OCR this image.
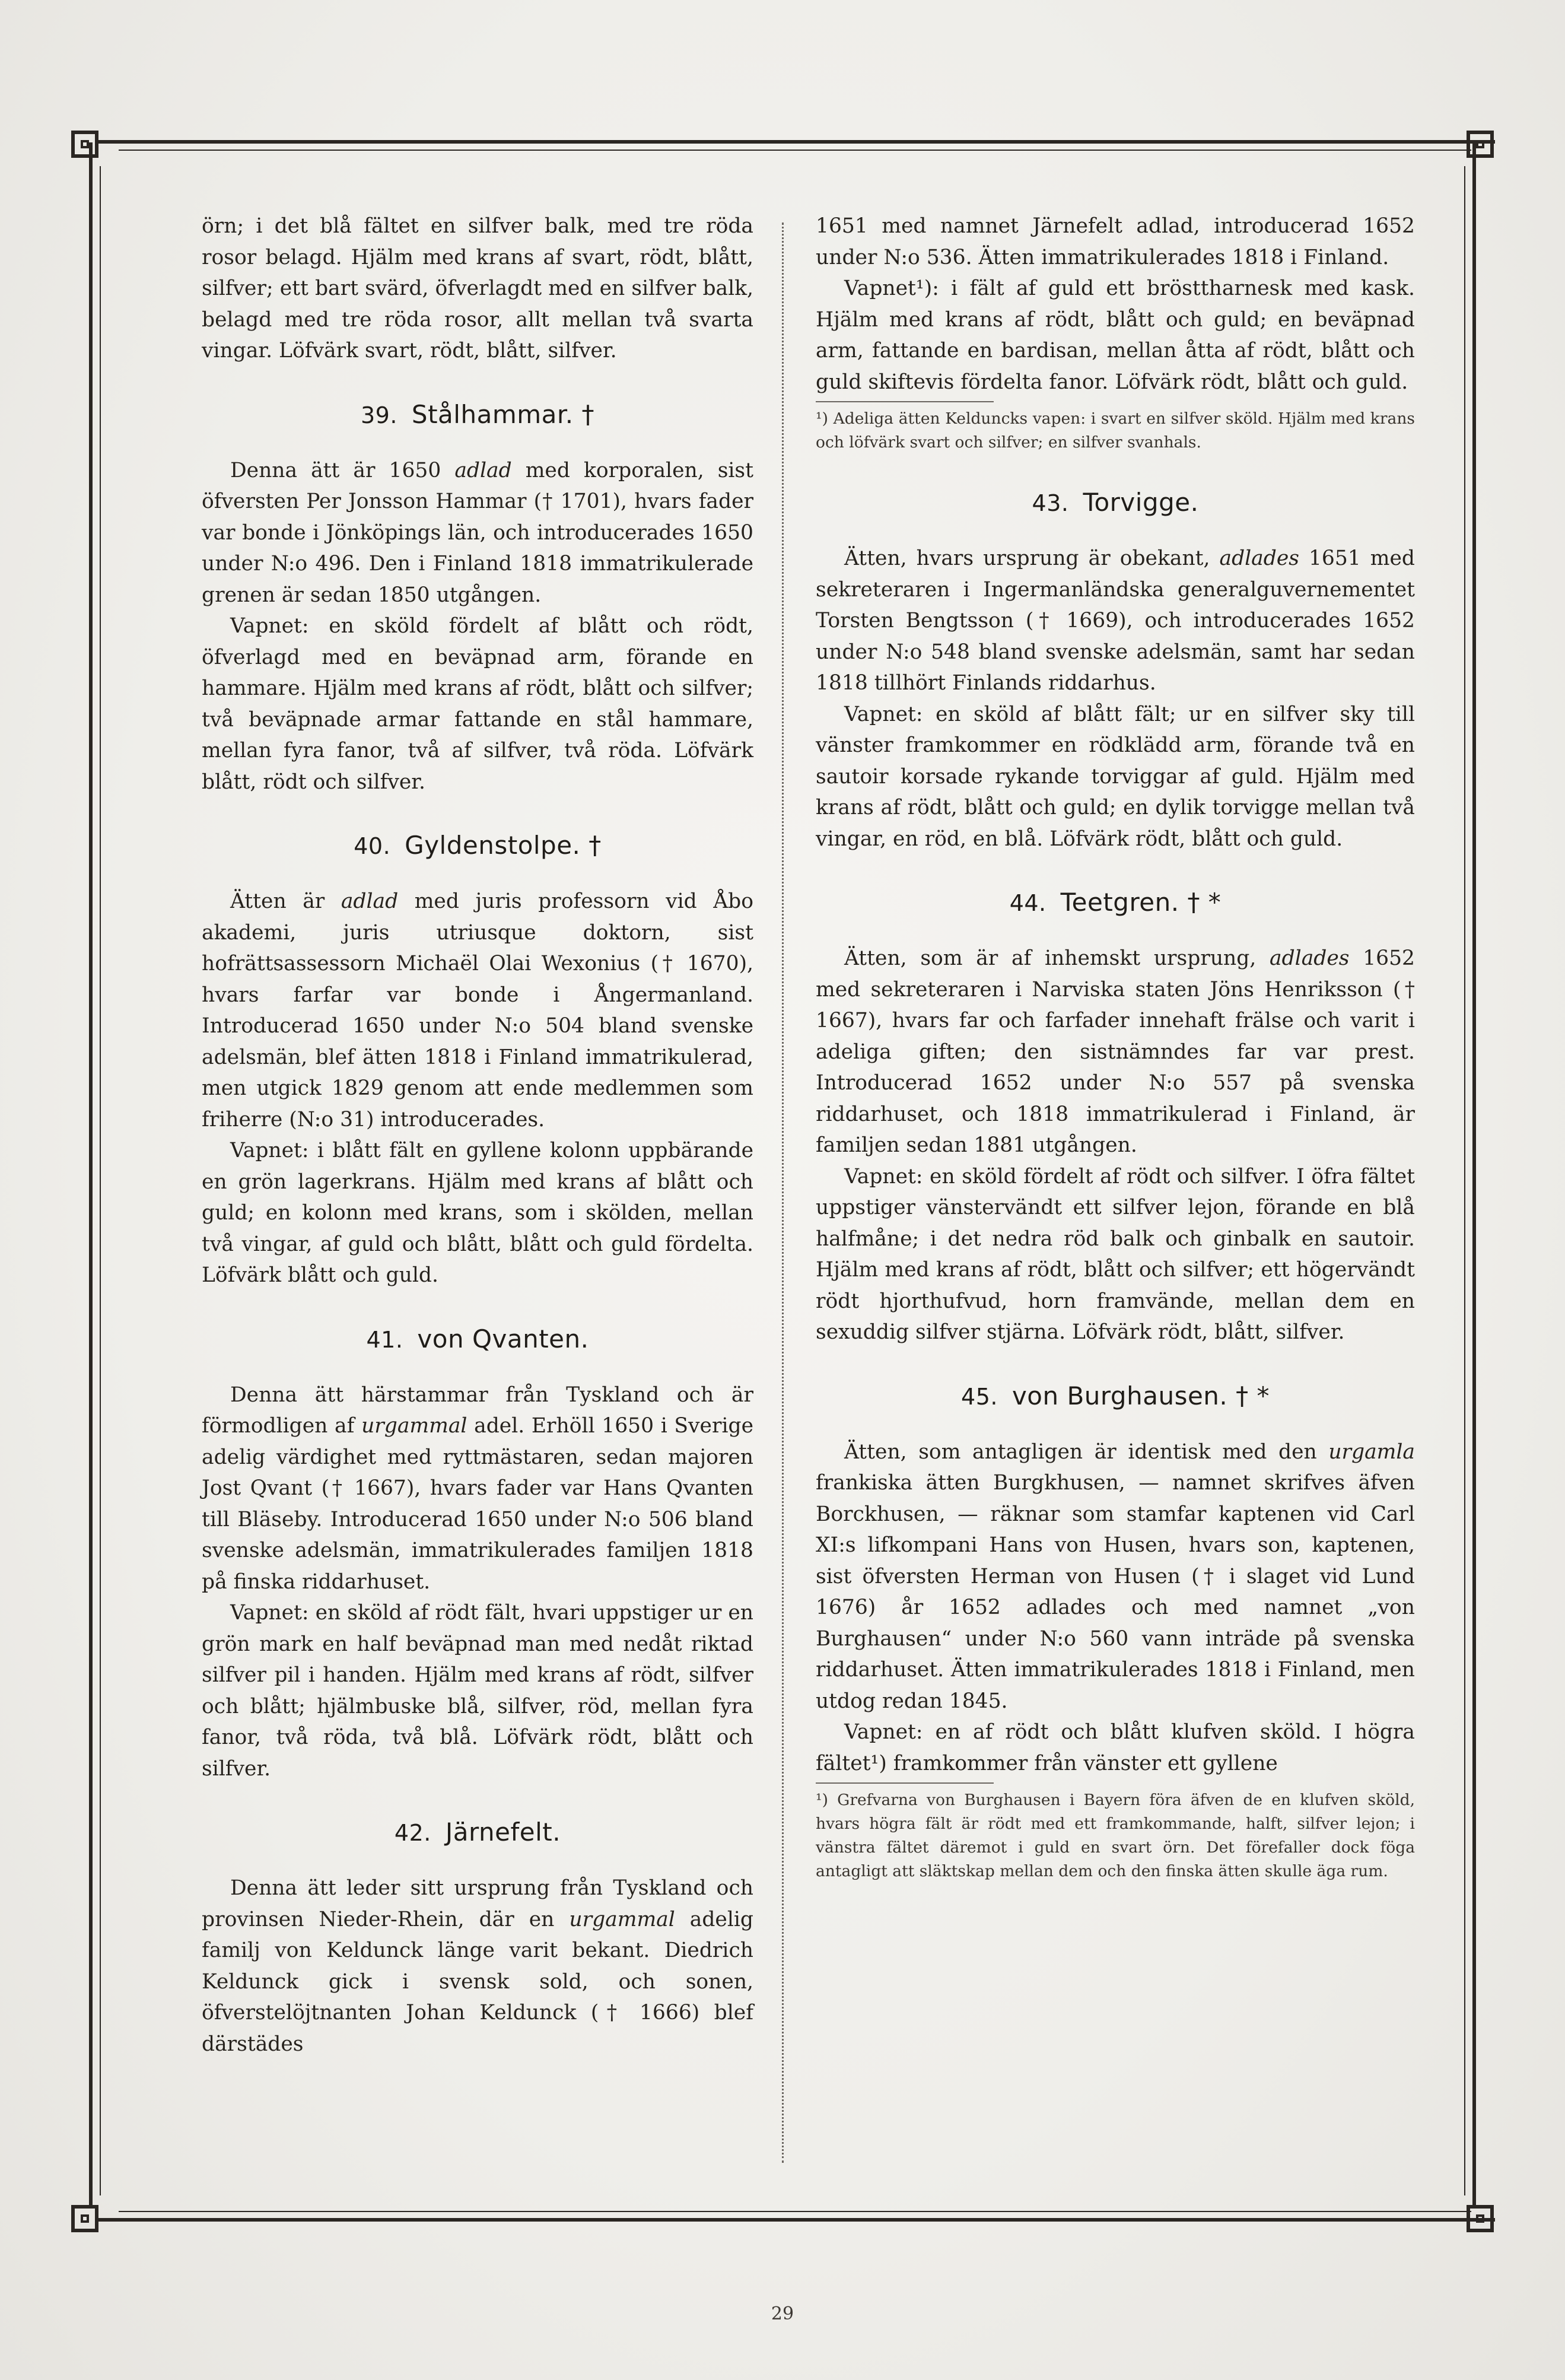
örn; i det blå fältet en silfver balk, med tre röda rosor belagd. Hjälm med krans af svart, rödt, blått, silfver; ett bart svärd, öfverlagdt med en silfver balk, belagd med tre röda rosor, allt mellan två svarta vingar. Löfvärk svart, rödt, blått, silfver.

39. Stålhammar. †

Denna ätt är 1650 adlad med korporalen, sist öfversten Per Jonsson Hammar († 1701), hvars fader var bonde i Jönköpings län, och introducerades 1650 under N:o 496. Den i Finland 1818 immatrikulerade grenen är sedan 1850 utgången.

Vapnet: en sköld fördelt af blått och rödt, öfverlagd med en beväpnad arm, förande en hammare. Hjälm med krans af rödt, blått och silfver; två beväpnade armar fattande en stål hammare, mellan fyra fanor, två af silfver, två röda. Löfvärk blått, rödt och silfver.

40. Gyldenstolpe. †

Ätten är adlad med juris professorn vid Åbo akademi, juris utriusque doktorn, sist hofrättsassessorn Michaël Olai Wexonius († 1670), hvars farfar var bonde i Ångermanland. Introducerad 1650 under N:o 504 bland svenske adelsmän, blef ätten 1818 i Finland immatrikulerad, men utgick 1829 genom att ende medlemmen som friherre (N:o 31) introducerades.

Vapnet: i blått fält en gyllene kolonn uppbärande en grön lagerkrans. Hjälm med krans af blått och guld; en kolonn med krans, som i skölden, mellan två vingar, af guld och blått, blått och guld fördelta. Löfvärk blått och guld.

41. von Qvanten.

Denna ätt härstammar från Tyskland och är förmodligen af urgammal adel. Erhöll 1650 i Sverige adelig värdighet med ryttmästaren, sedan majoren Jost Qvant († 1667), hvars fader var Hans Qvanten till Bläseby. Introducerad 1650 under N:o 506 bland svenske adelsmän, immatrikulerades familjen 1818 på finska riddarhuset.

Vapnet: en sköld af rödt fält, hvari uppstiger ur en grön mark en half beväpnad man med nedåt riktad silfver pil i handen. Hjälm med krans af rödt, silfver och blått; hjälmbuske blå, silfver, röd, mellan fyra fanor, två röda, två blå. Löfvärk rödt, blått och silfver.

42. Järnefelt.

Denna ätt leder sitt ursprung från Tyskland och provinsen Nieder-Rhein, där en urgammal adelig familj von Keldunck länge varit bekant. Diedrich Keldunck gick i svensk sold, och sonen, öfverstelöjtnanten Johan Keldunck († 1666) blef därstädes

1651 med namnet Järnefelt adlad, introducerad 1652 under N:o 536. Ätten immatrikulerades 1818 i Finland.

Vapnet¹): i fält af guld ett brösttharnesk med kask. Hjälm med krans af rödt, blått och guld; en beväpnad arm, fattande en bardisan, mellan åtta af rödt, blått och guld skiftevis fördelta fanor. Löfvärk rödt, blått och guld.

¹) Adeliga ätten Kelduncks vapen: i svart en silfver sköld. Hjälm med krans och löfvärk svart och silfver; en silfver svanhals.

43. Torvigge.

Ätten, hvars ursprung är obekant, adlades 1651 med sekreteraren i Ingermanländska generalguvernementet Torsten Bengtsson († 1669), och introducerades 1652 under N:o 548 bland svenske adelsmän, samt har sedan 1818 tillhört Finlands riddarhus.

Vapnet: en sköld af blått fält; ur en silfver sky till vänster framkommer en rödklädd arm, förande två en sautoir korsade rykande torviggar af guld. Hjälm med krans af rödt, blått och guld; en dylik torvigge mellan två vingar, en röd, en blå. Löfvärk rödt, blått och guld.

44. Teetgren. † *

Ätten, som är af inhemskt ursprung, adlades 1652 med sekreteraren i Narviska staten Jöns Henriksson († 1667), hvars far och farfader innehaft frälse och varit i adeliga giften; den sistnämndes far var prest. Introducerad 1652 under N:o 557 på svenska riddarhuset, och 1818 immatrikulerad i Finland, är familjen sedan 1881 utgången.

Vapnet: en sköld fördelt af rödt och silfver. I öfra fältet uppstiger vänstervändt ett silfver lejon, förande en blå halfmåne; i det nedra röd balk och ginbalk en sautoir. Hjälm med krans af rödt, blått och silfver; ett högervändt rödt hjorthufvud, horn framvände, mellan dem en sexuddig silfver stjärna. Löfvärk rödt, blått, silfver.

45. von Burghausen. † *

Ätten, som antagligen är identisk med den urgamla frankiska ätten Burgkhusen, — namnet skrifves äfven Borckhusen, — räknar som stamfar kaptenen vid Carl XI:s lifkompani Hans von Husen, hvars son, kaptenen, sist öfversten Herman von Husen († i slaget vid Lund 1676) år 1652 adlades och med namnet „von Burghausen“ under N:o 560 vann inträde på svenska riddarhuset. Ätten immatrikulerades 1818 i Finland, men utdog redan 1845.

Vapnet: en af rödt och blått klufven sköld. I högra fältet¹) framkommer från vänster ett gyllene

¹) Grefvarna von Burghausen i Bayern föra äfven de en klufven sköld, hvars högra fält är rödt med ett framkommande, halft, silfver lejon; i vänstra fältet däremot i guld en svart örn. Det förefaller dock föga antagligt att släktskap mellan dem och den finska ätten skulle äga rum.

29
